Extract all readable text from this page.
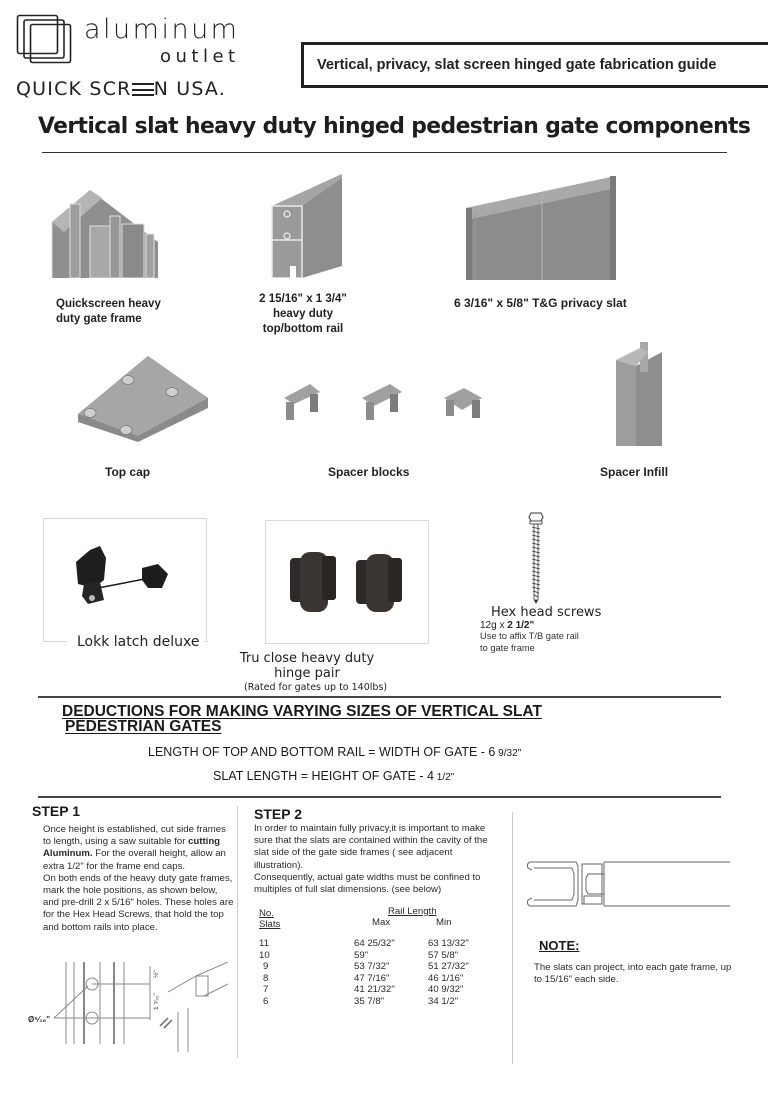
aluminum
outlet
QUICK SCR N USA.
Vertical, privacy, slat screen hinged gate fabrication guide
Vertical slat heavy duty hinged pedestrian gate components
Quickscreen heavy
duty gate frame
2 15/16" x 1 3/4"
heavy duty
top/bottom rail
6 3/16" x 5/8" T&G privacy slat
Top cap	Spacer blocks	Spacer Infill
Lokk latch deluxe
Tru close heavy duty
hinge pair
(Rated for gates up to 140lbs)
Hex head screws
12g x 2 1/2"
Use to affix T/B gate rail
to gate frame
DEDUCTIONS FOR MAKING VARYING SIZES OF VERTICAL SLAT
PEDESTRIAN GATES
LENGTH OF TOP AND BOTTOM RAIL = WIDTH OF GATE - 6 9/32"
SLAT LENGTH = HEIGHT OF GATE - 4 1/2"
STEP 1
Once height is established, cut side frames to length, using a saw suitable for cutting Aluminum. For the overall height, allow an extra 1/2" for the frame end caps.
On both ends of the heavy duty gate frames, mark the hole positions, as shown below, and pre-drill 2 x 5/16" holes. These holes are for the Hex Head Screws, that hold the top and bottom rails into place.
Ø⁵⁄₁₆"
½"
1 ⁵⁄₃₂"
STEP 2
In order to maintain fully privacy,it is important to make sure that the slats are contained within the cavity of the slat side of the gate side frames ( see adjacent illustration).
Consequently, actual gate widths must be confined to multiples of full slat dimensions. (see below)
No. Slats
Rail Length
Max	Min
11	64 25/32"	63 13/32"
10	59"	57 5/8"
9	53 7/32"	51 27/32"
8	47 7/16"	46 1/16"
7	41 21/32"	40 9/32"
6	35 7/8"	34 1/2"
NOTE:
The slats can project, into each gate frame, up to 15/16" each side.
